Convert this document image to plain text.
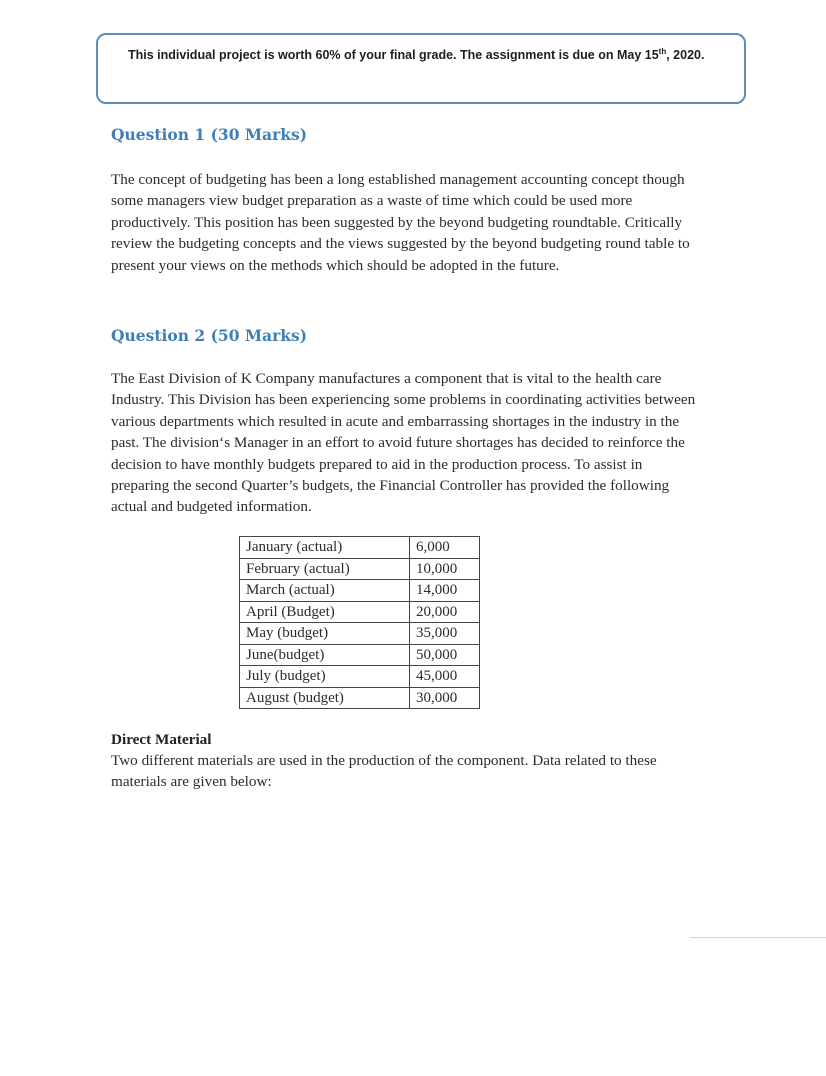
This individual project is worth 60% of your final grade. The assignment is due on May 15th, 2020.
Question 1 (30 Marks)
The concept of budgeting has been a long established management accounting concept though
some managers view budget preparation as a waste of time which could be used more
productively. This position has been suggested by the beyond budgeting roundtable. Critically
review the budgeting concepts and the views suggested by the beyond budgeting round table to
present your views on the methods which should be adopted in the future.
Question 2 (50 Marks)
The East Division of K Company manufactures a component that is vital to the health care
Industry. This Division has been experiencing some problems in coordinating activities between
various departments which resulted in acute and embarrassing shortages in the industry in the
past. The division‘s Manager in an effort to avoid future shortages has decided to reinforce the
decision to have monthly budgets prepared to aid in the production process. To assist in
preparing the second Quarter’s budgets, the Financial Controller has provided the following
actual and budgeted information.
January (actual)	6,000
February (actual)	10,000
March (actual)	14,000
April (Budget)	20,000
May (budget)	35,000
June(budget)	50,000
July (budget)	45,000
August (budget)	30,000
Direct Material
Two different materials are used in the production of the component. Data related to these
materials are given below:
